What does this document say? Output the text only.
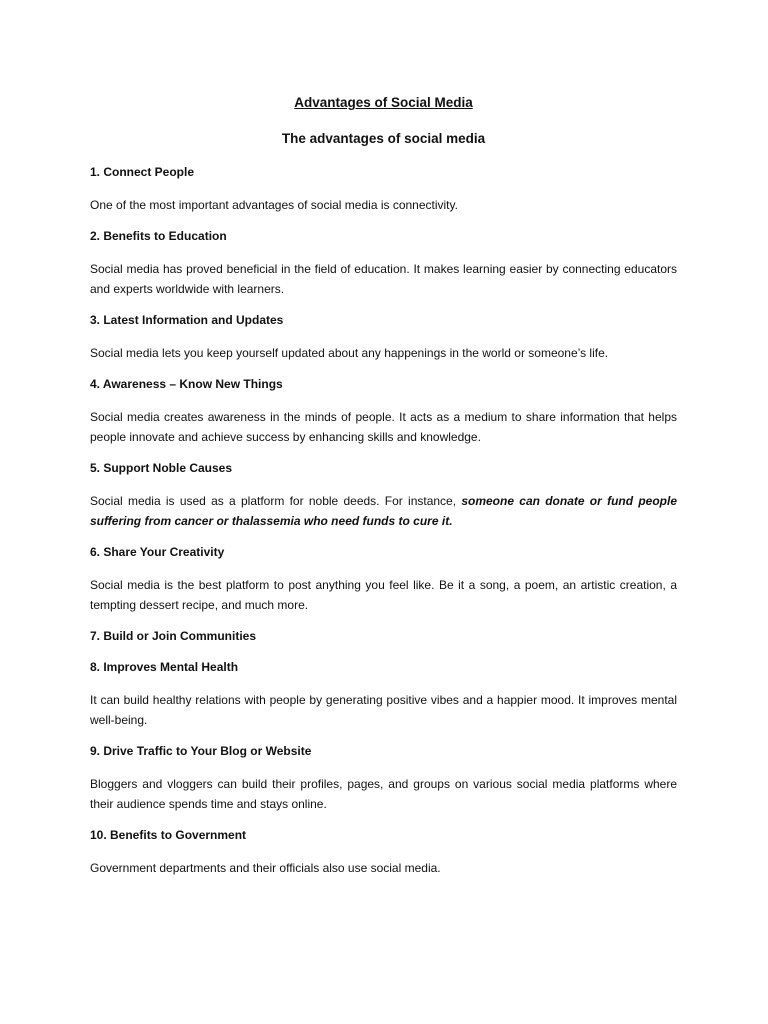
Advantages of Social Media
The advantages of social media
1. Connect People
One of the most important advantages of social media is connectivity.
2. Benefits to Education
Social media has proved beneficial in the field of education. It makes learning easier by connecting educators and experts worldwide with learners.
3. Latest Information and Updates
Social media lets you keep yourself updated about any happenings in the world or someone’s life.
4. Awareness – Know New Things
Social media creates awareness in the minds of people. It acts as a medium to share information that helps people innovate and achieve success by enhancing skills and knowledge.
5. Support Noble Causes
Social media is used as a platform for noble deeds. For instance, someone can donate or fund people suffering from cancer or thalassemia who need funds to cure it.
6. Share Your Creativity
Social media is the best platform to post anything you feel like. Be it a song, a poem, an artistic creation, a tempting dessert recipe, and much more.
7. Build or Join Communities
8. Improves Mental Health
It can build healthy relations with people by generating positive vibes and a happier mood. It improves mental well-being.
9. Drive Traffic to Your Blog or Website
Bloggers and vloggers can build their profiles, pages, and groups on various social media platforms where their audience spends time and stays online.
10. Benefits to Government
Government departments and their officials also use social media.
